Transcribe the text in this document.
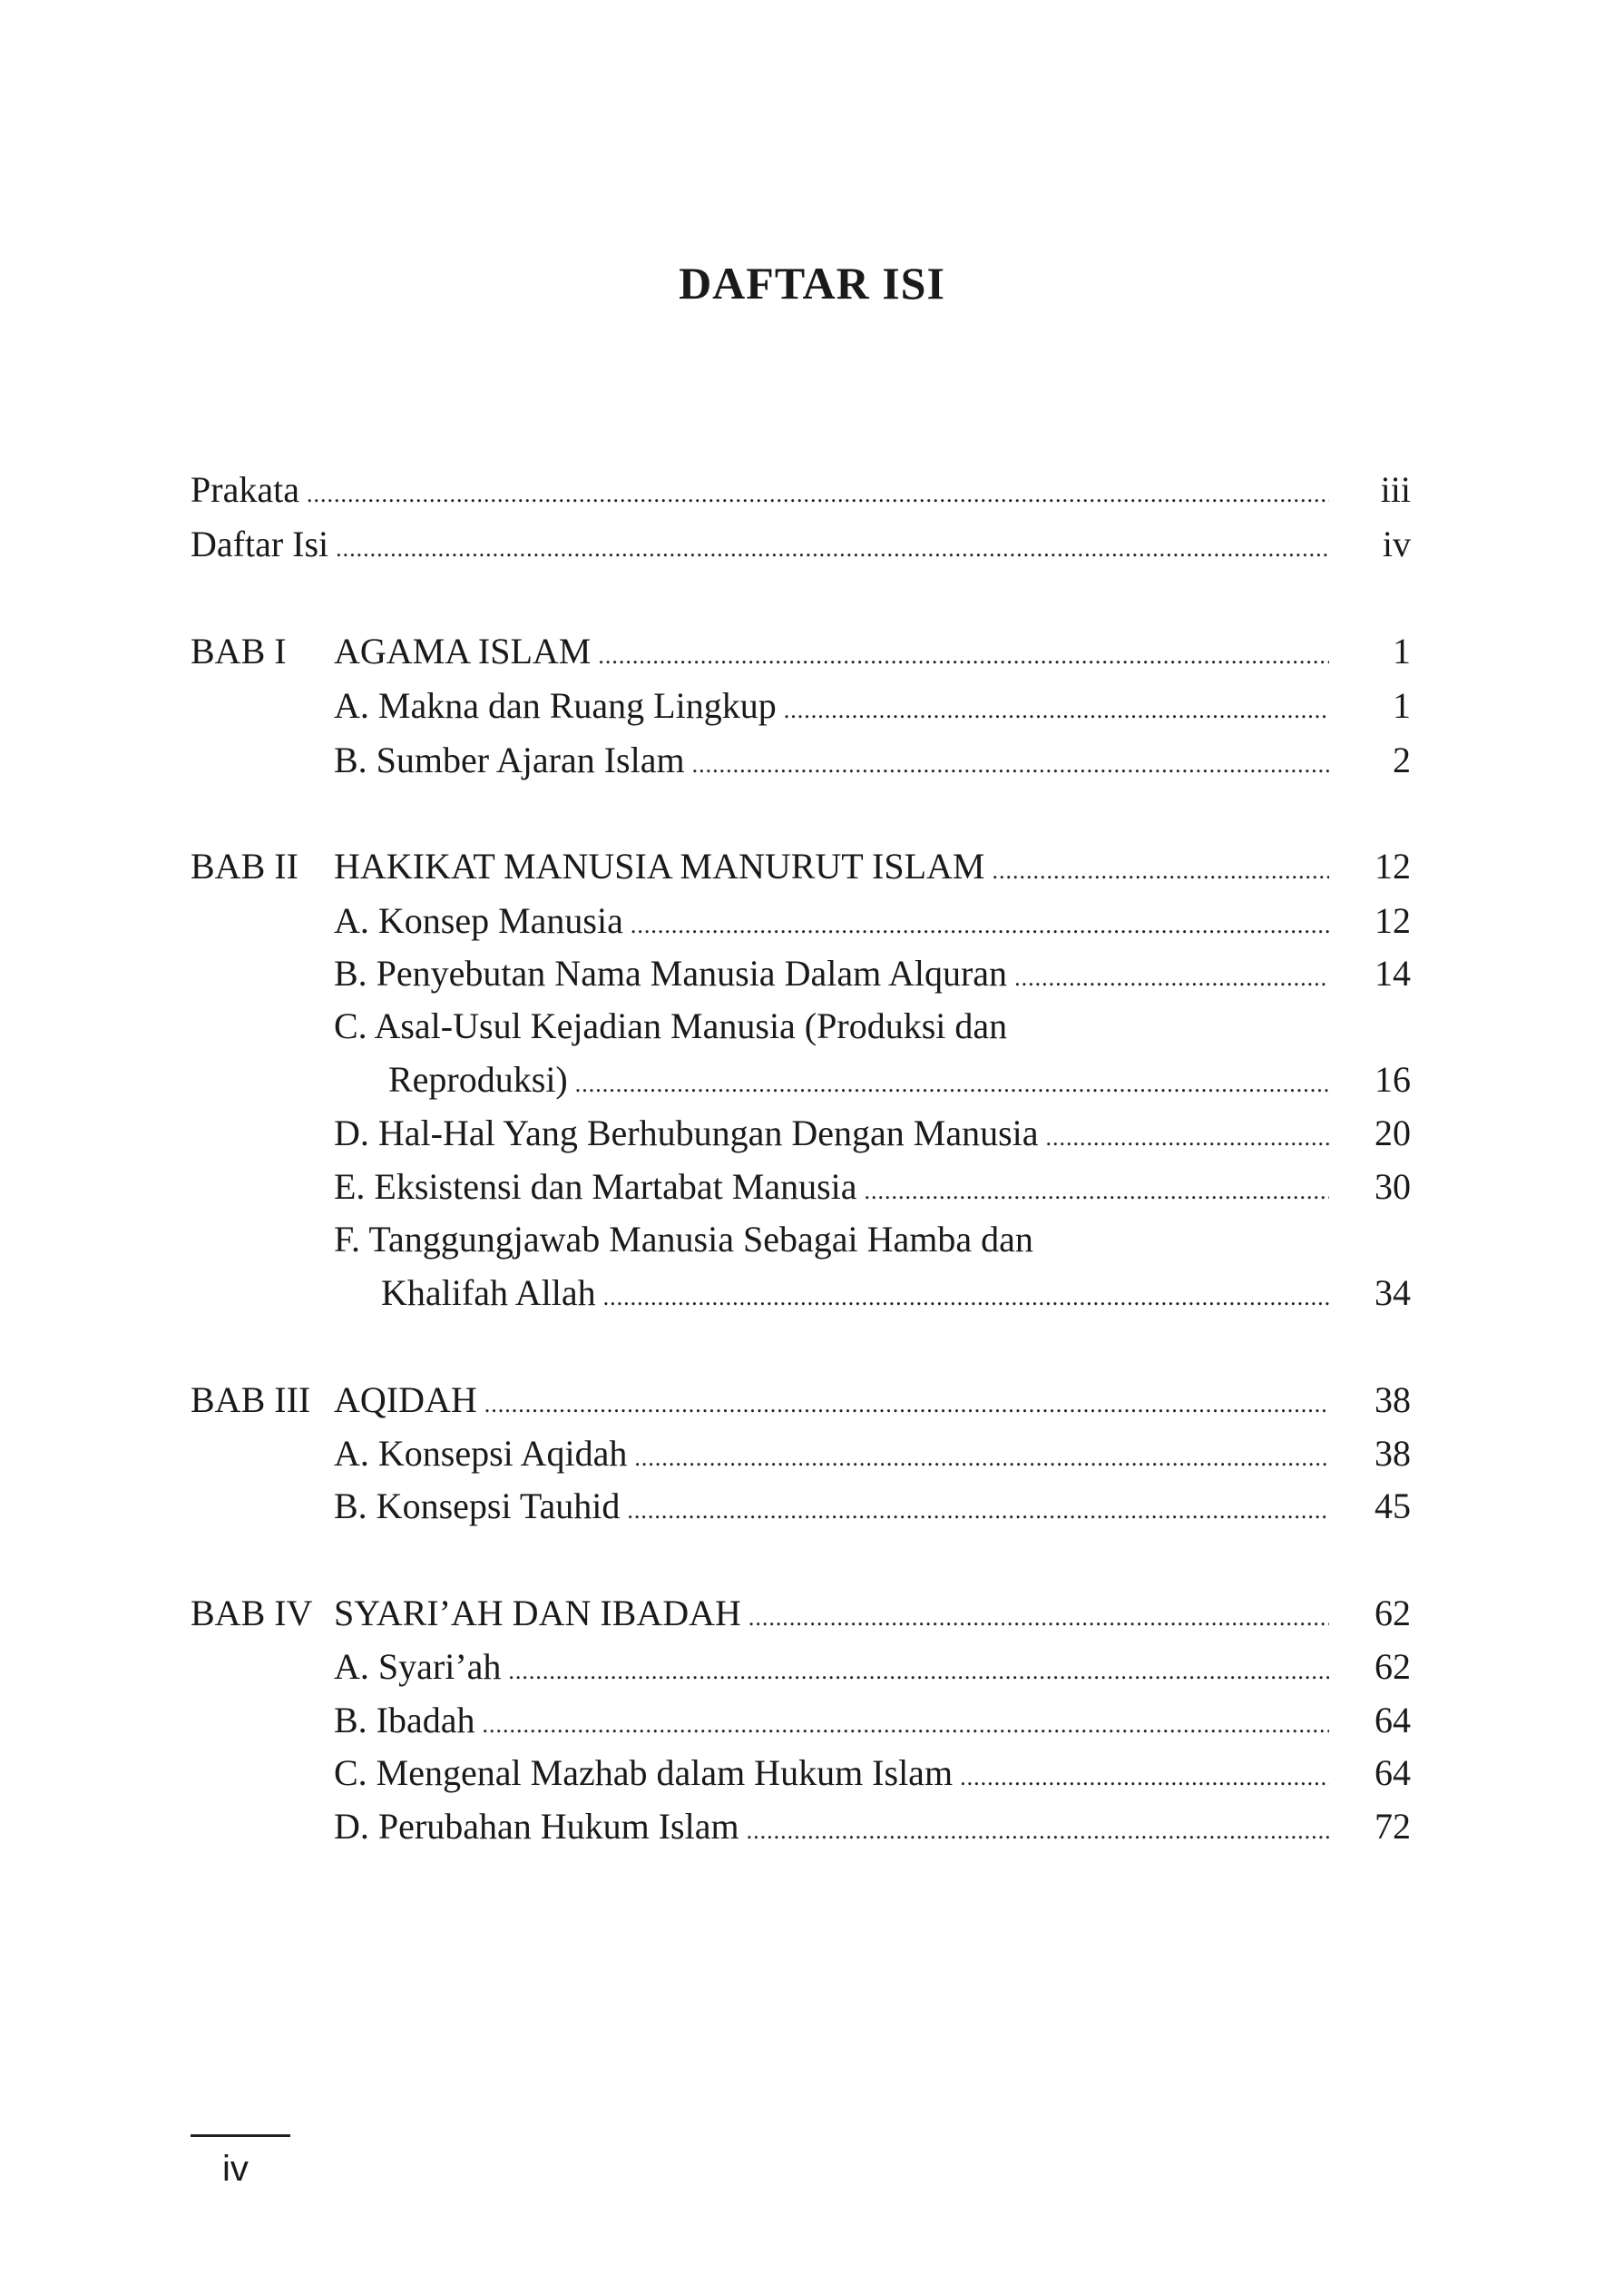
DAFTAR ISI
Prakata .....	iii
Daftar Isi .....	iv
BAB I AGAMA ISLAM .....	1
A. Makna dan Ruang Lingkup .....	1
B. Sumber Ajaran Islam .....	2
BAB II HAKIKAT MANUSIA MANURUT ISLAM .....	12
A. Konsep Manusia .....	12
B. Penyebutan Nama Manusia Dalam Alquran .....	14
C. Asal-Usul Kejadian Manusia (Produksi dan
Reproduksi) .....	16
D. Hal-Hal Yang Berhubungan Dengan Manusia .....	20
E. Eksistensi dan Martabat Manusia .....	30
F. Tanggungjawab Manusia Sebagai Hamba dan
Khalifah Allah .....	34
BAB III AQIDAH .....	38
A. Konsepsi Aqidah .....	38
B. Konsepsi Tauhid .....	45
BAB IV SYARI’AH DAN IBADAH .....	62
A. Syari’ah .....	62
B. Ibadah .....	64
C. Mengenal Mazhab dalam Hukum Islam .....	64
D. Perubahan Hukum Islam .....	72
iv
